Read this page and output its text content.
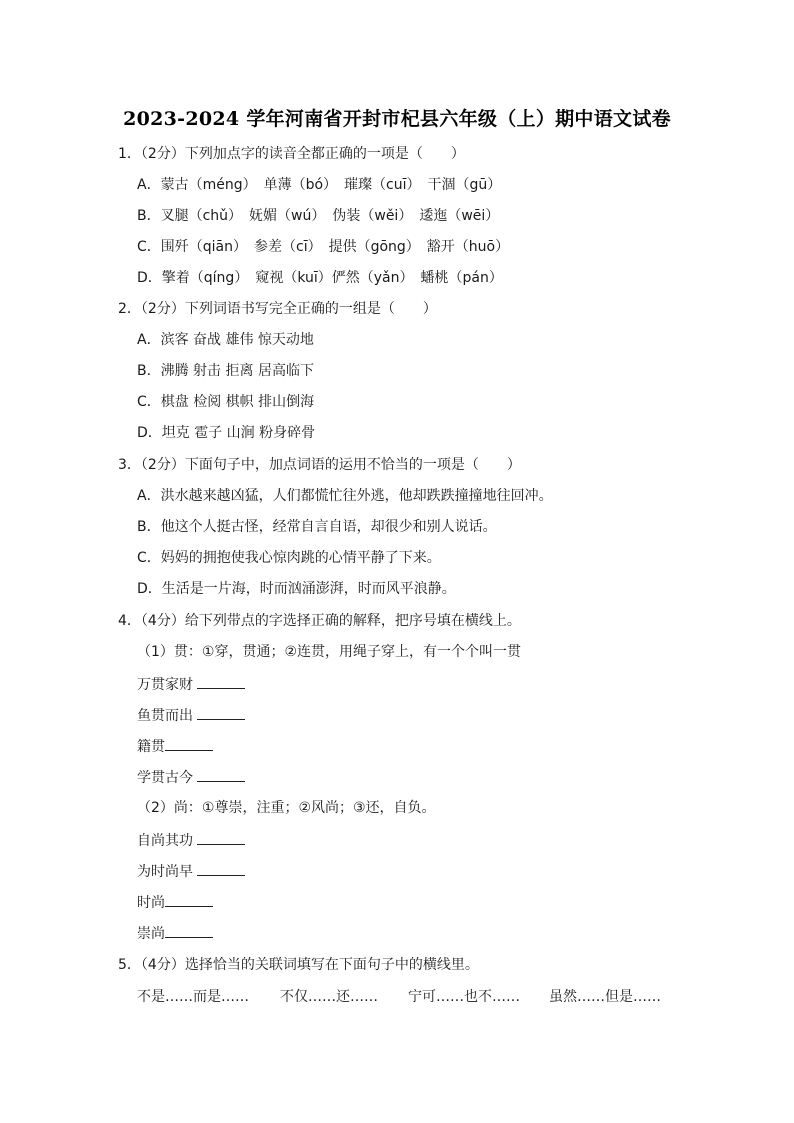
2023-2024 学年河南省开封市杞县六年级（上）期中语文试卷
1．（2分）下列加点字的读音全都正确的一项是（　　）
A．蒙古（méng）　单薄（bó）　璀璨（cuī）　干涸（gū）
B．叉腿（chǔ）　妩媚（wú）　伪装（wěi）　逶迤（wēi）
C．围歼（qiān）　参差（cī）　提供（gōng）　豁开（huō）
D．擎着（qíng）　窥视（kuī）俨然（yǎn）　蟠桃（pán）
2．（2分）下列词语书写完全正确的一组是（　　）
A．滨客 奋战 雄伟 惊天动地
B．沸腾 射击 拒离 居高临下
C．棋盘 检阅 棋帜 排山倒海
D．坦克 雹子 山涧 粉身碎骨
3．（2分）下面句子中，加点词语的运用不恰当的一项是（　　）
A．洪水越来越凶猛，人们都慌忙往外逃，他却跌跌撞撞地往回冲。
B．他这个人挺古怪，经常自言自语，却很少和别人说话。
C．妈妈的拥抱使我心惊肉跳的心情平静了下来。
D．生活是一片海，时而汹涌澎湃，时而风平浪静。
4．（4分）给下列带点的字选择正确的解释，把序号填在横线上。
（1）贯：①穿，贯通；②连贯，用绳子穿上，有一个个叫一贯
万贯家财
鱼贯而出
籍贯
学贯古今
（2）尚：①尊崇，注重；②风尚；③还，自负。
自尚其功
为时尚早
时尚
崇尚
5．（4分）选择恰当的关联词填写在下面句子中的横线里。
不是……而是…… 不仅……还…… 宁可……也不…… 虽然……但是……
